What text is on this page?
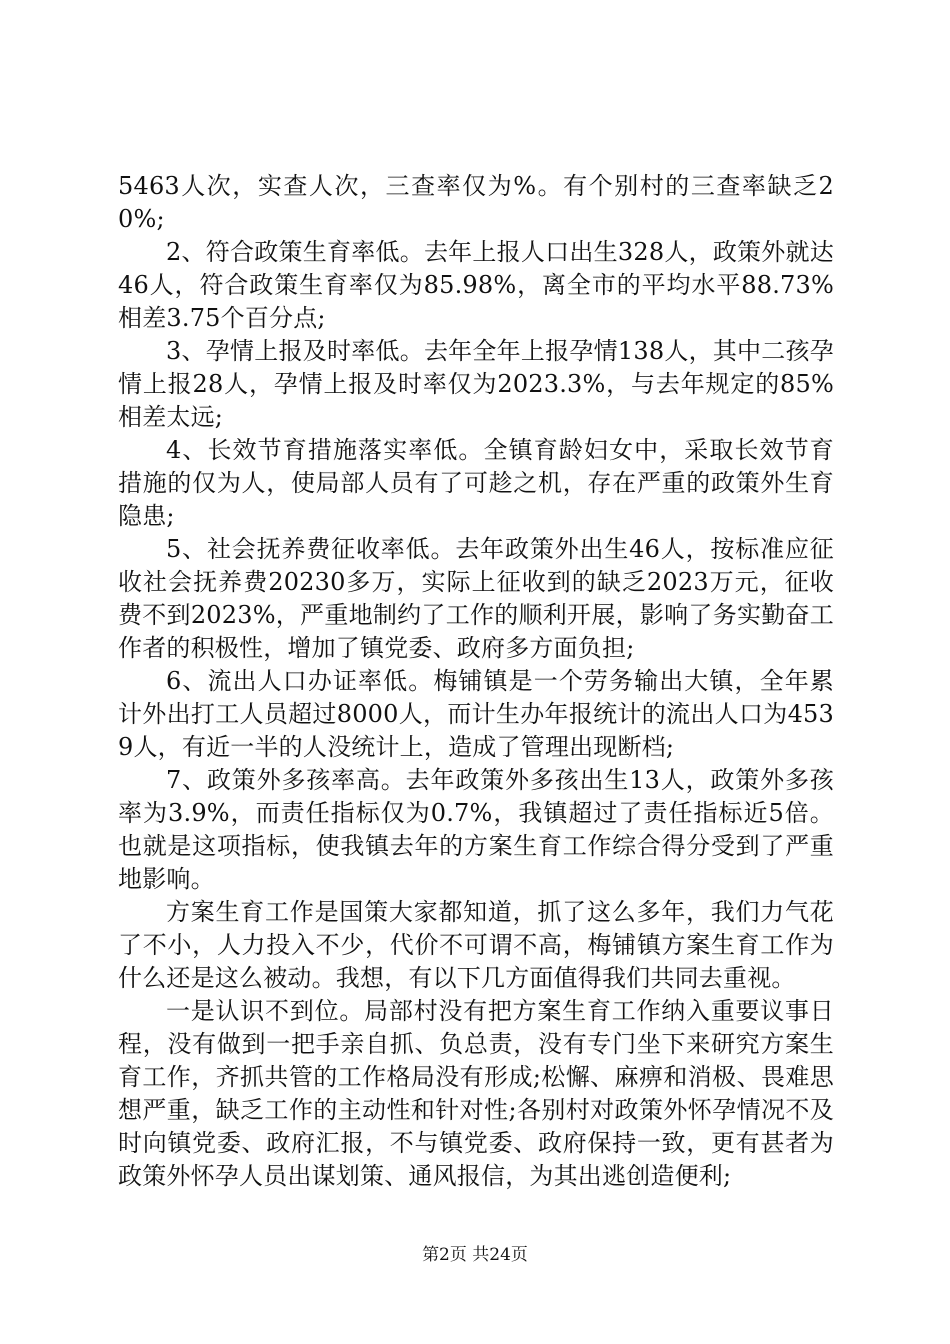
5463人次，实查人次，三查率仅为%。有个别村的三查率缺乏20%;

2、符合政策生育率低。去年上报人口出生328人，政策外就达46人，符合政策生育率仅为85.98%，离全市的平均水平88.73%相差3.75个百分点;

3、孕情上报及时率低。去年全年上报孕情138人，其中二孩孕情上报28人，孕情上报及时率仅为2023.3%，与去年规定的85%相差太远;

4、长效节育措施落实率低。全镇育龄妇女中，采取长效节育措施的仅为人，使局部人员有了可趁之机，存在严重的政策外生育隐患;

5、社会抚养费征收率低。去年政策外出生46人，按标准应征收社会抚养费20230多万，实际上征收到的缺乏2023万元，征收费不到2023%，严重地制约了工作的顺利开展，影响了务实勤奋工作者的积极性，增加了镇党委、政府多方面负担;

6、流出人口办证率低。梅铺镇是一个劳务输出大镇，全年累计外出打工人员超过8000人，而计生办年报统计的流出人口为4539人，有近一半的人没统计上，造成了管理出现断档;

7、政策外多孩率高。去年政策外多孩出生13人，政策外多孩率为3.9%，而责任指标仅为0.7%，我镇超过了责任指标近5倍。也就是这项指标，使我镇去年的方案生育工作综合得分受到了严重地影响。

方案生育工作是国策大家都知道，抓了这么多年，我们力气花了不小，人力投入不少，代价不可谓不高，梅铺镇方案生育工作为什么还是这么被动。我想，有以下几方面值得我们共同去重视。

一是认识不到位。局部村没有把方案生育工作纳入重要议事日程，没有做到一把手亲自抓、负总责，没有专门坐下来研究方案生育工作，齐抓共管的工作格局没有形成;松懈、麻痹和消极、畏难思想严重，缺乏工作的主动性和针对性;各别村对政策外怀孕情况不及时向镇党委、政府汇报，不与镇党委、政府保持一致，更有甚者为政策外怀孕人员出谋划策、通风报信，为其出逃创造便利;

第2页 共24页
